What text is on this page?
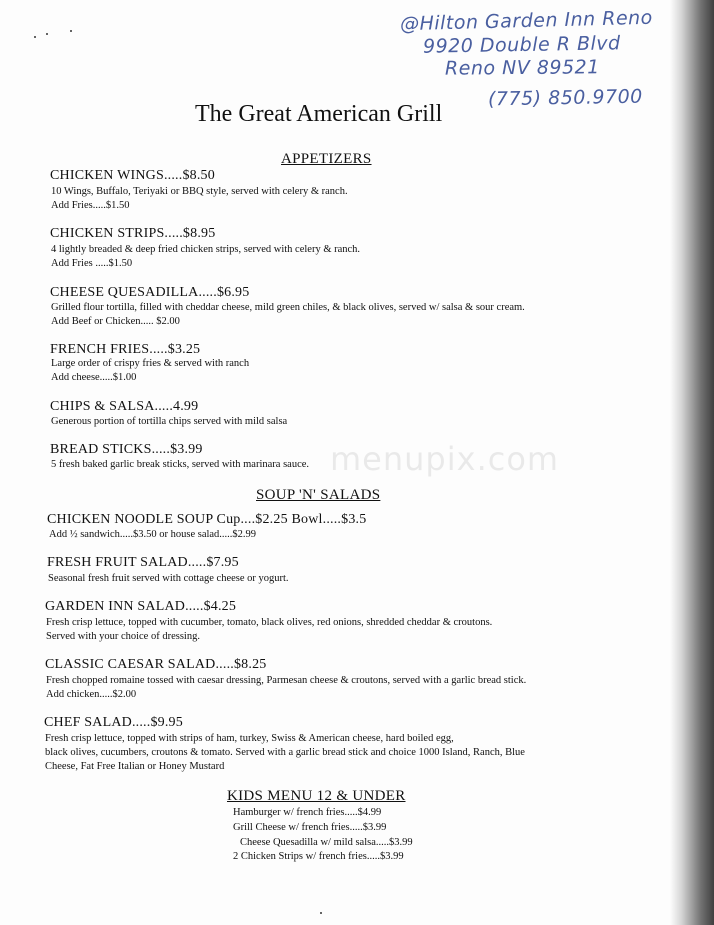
@Hilton Garden Inn Reno
9920 Double R Blvd
Reno NV 89521
(775) 850.9700
The Great American Grill
menupix.com
APPETIZERS
CHICKEN WINGS.....$8.50
10 Wings, Buffalo, Teriyaki or BBQ style, served with celery & ranch.
Add Fries.....$1.50
CHICKEN STRIPS.....$8.95
4 lightly breaded & deep fried chicken strips, served with celery & ranch.
Add Fries .....$1.50
CHEESE QUESADILLA.....$6.95
Grilled flour tortilla, filled with cheddar cheese, mild green chiles, & black olives, served w/ salsa & sour cream.
Add Beef or Chicken..... $2.00
FRENCH FRIES.....$3.25
Large order of crispy fries & served with ranch
Add cheese.....$1.00
CHIPS & SALSA.....4.99
Generous portion of tortilla chips served with mild salsa
BREAD STICKS.....$3.99
5 fresh baked garlic break sticks, served with marinara sauce.
SOUP 'N' SALADS
CHICKEN NOODLE SOUP Cup....$2.25 Bowl.....$3.5
Add ½ sandwich.....$3.50 or house salad.....$2.99
FRESH FRUIT SALAD.....$7.95
Seasonal fresh fruit served with cottage cheese or yogurt.
GARDEN INN SALAD.....$4.25
Fresh crisp lettuce, topped with cucumber, tomato, black olives, red onions, shredded cheddar & croutons.
Served with your choice of dressing.
CLASSIC CAESAR SALAD.....$8.25
Fresh chopped romaine tossed with caesar dressing, Parmesan cheese & croutons, served with a garlic bread stick.
Add chicken.....$2.00
CHEF SALAD.....$9.95
Fresh crisp lettuce, topped with strips of ham, turkey, Swiss & American cheese, hard boiled egg,
black olives, cucumbers, croutons & tomato. Served with a garlic bread stick and choice 1000 Island, Ranch, Blue
Cheese, Fat Free Italian or Honey Mustard
KIDS MENU 12 & UNDER
Hamburger w/ french fries.....$4.99
Grill Cheese w/ french fries.....$3.99
Cheese Quesadilla w/ mild salsa.....$3.99
2 Chicken Strips w/ french fries.....$3.99
